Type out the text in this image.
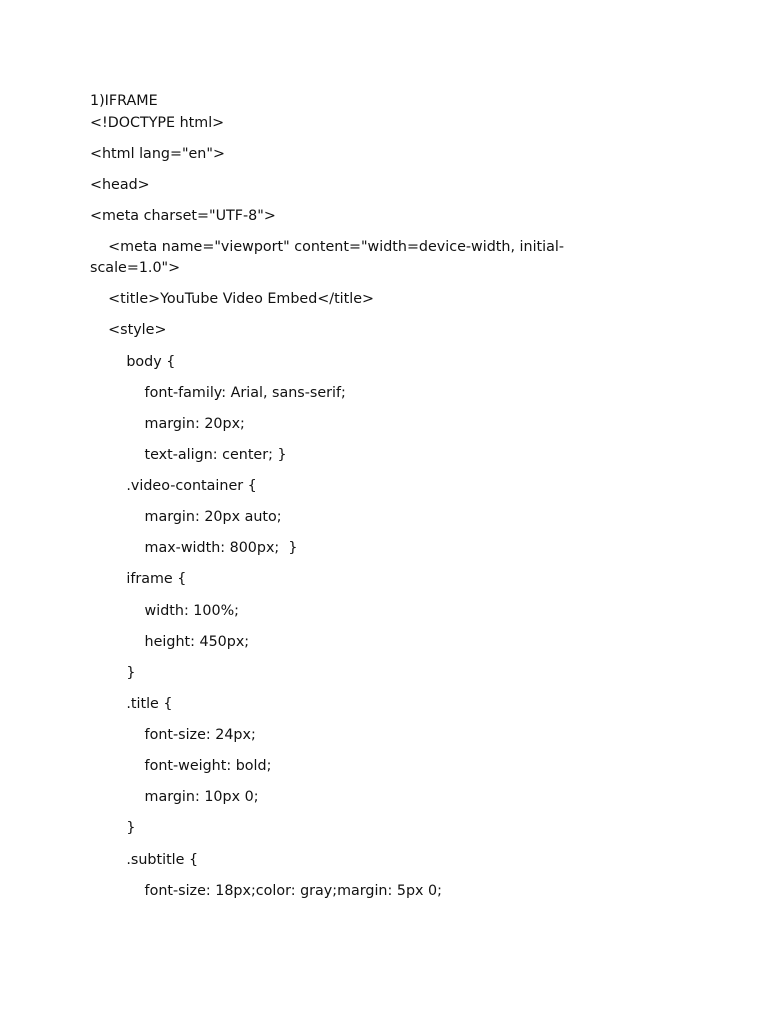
1)IFRAME
<!DOCTYPE html>
<html lang="en">
<head>
<meta charset="UTF-8">
<meta name="viewport" content="width=device-width, initial-
scale=1.0">
<title>YouTube Video Embed</title>
<style>
body {
font-family: Arial, sans-serif;
margin: 20px;
text-align: center; }
.video-container {
margin: 20px auto;
max-width: 800px;  }
iframe {
width: 100%;
height: 450px;
}
.title {
font-size: 24px;
font-weight: bold;
margin: 10px 0;
}
.subtitle {
font-size: 18px;color: gray;margin: 5px 0;
